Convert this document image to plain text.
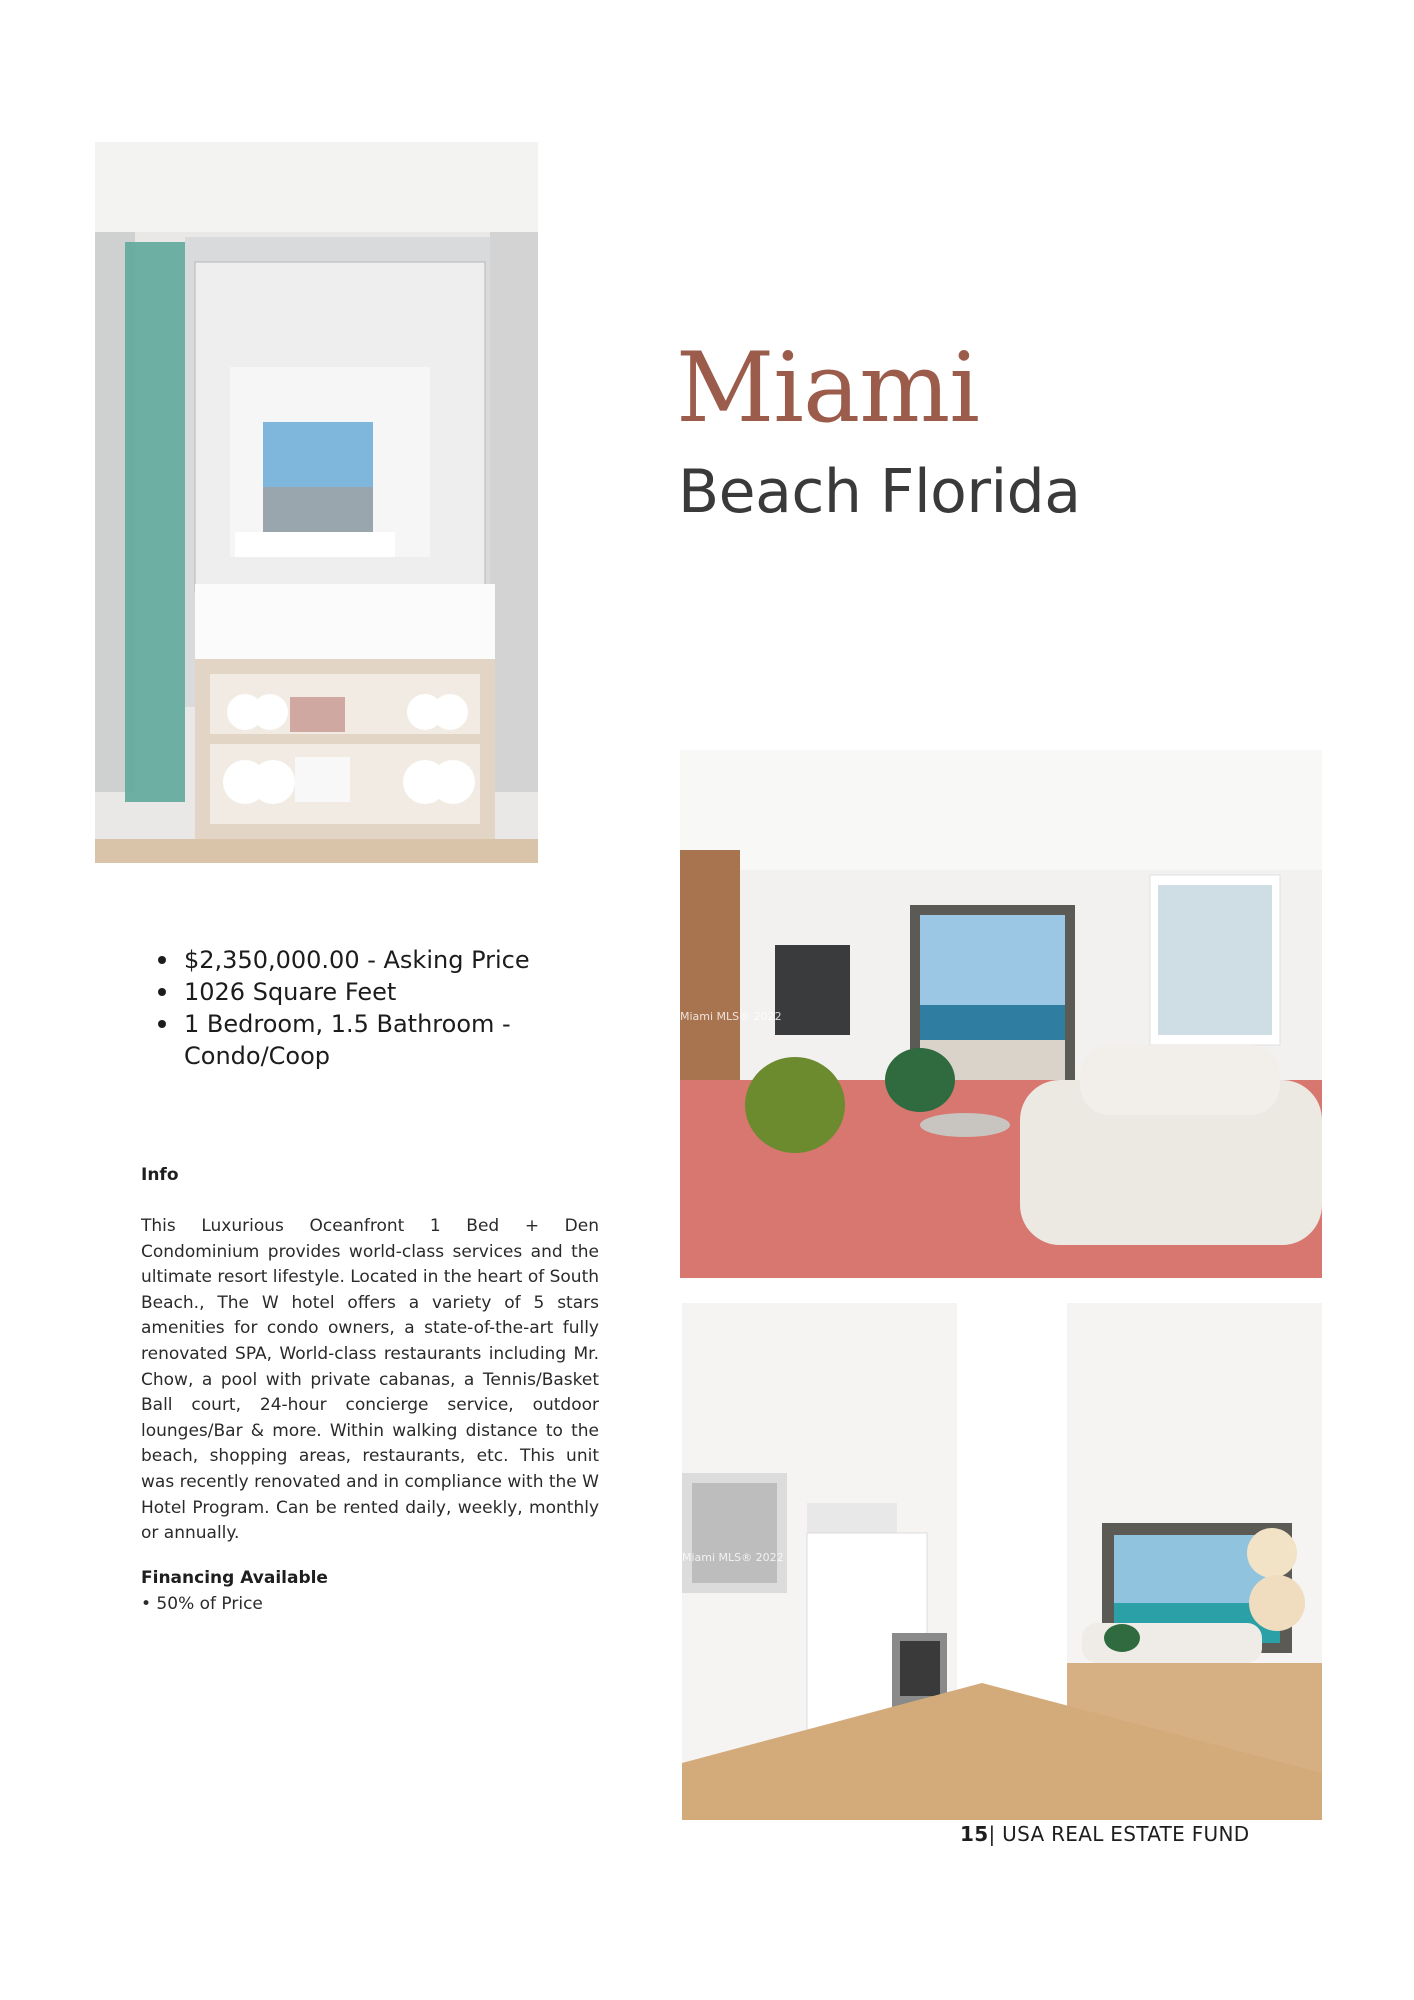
Miami
Beach Florida
$2,350,000.00 - Asking Price
1026 Square Feet
1 Bedroom, 1.5 Bathroom - Condo/Coop
Info

This Luxurious Oceanfront 1 Bed + Den Condominium provides world-class services and the ultimate resort lifestyle. Located in the heart of South Beach., The W hotel offers a variety of 5 stars amenities for condo owners, a state-of-the-art fully renovated SPA, World-class restaurants including Mr. Chow, a pool with private cabanas, a Tennis/Basket Ball court, 24-hour concierge service, outdoor lounges/Bar & more. Within walking distance to the beach, shopping areas, restaurants, etc. This unit was recently renovated and in compliance with the W Hotel Program. Can be rented daily, weekly, monthly or annually.

Financing Available
• 50% of Price
Miami MLS® 2022
Miami MLS® 2022
15| USA REAL ESTATE FUND
